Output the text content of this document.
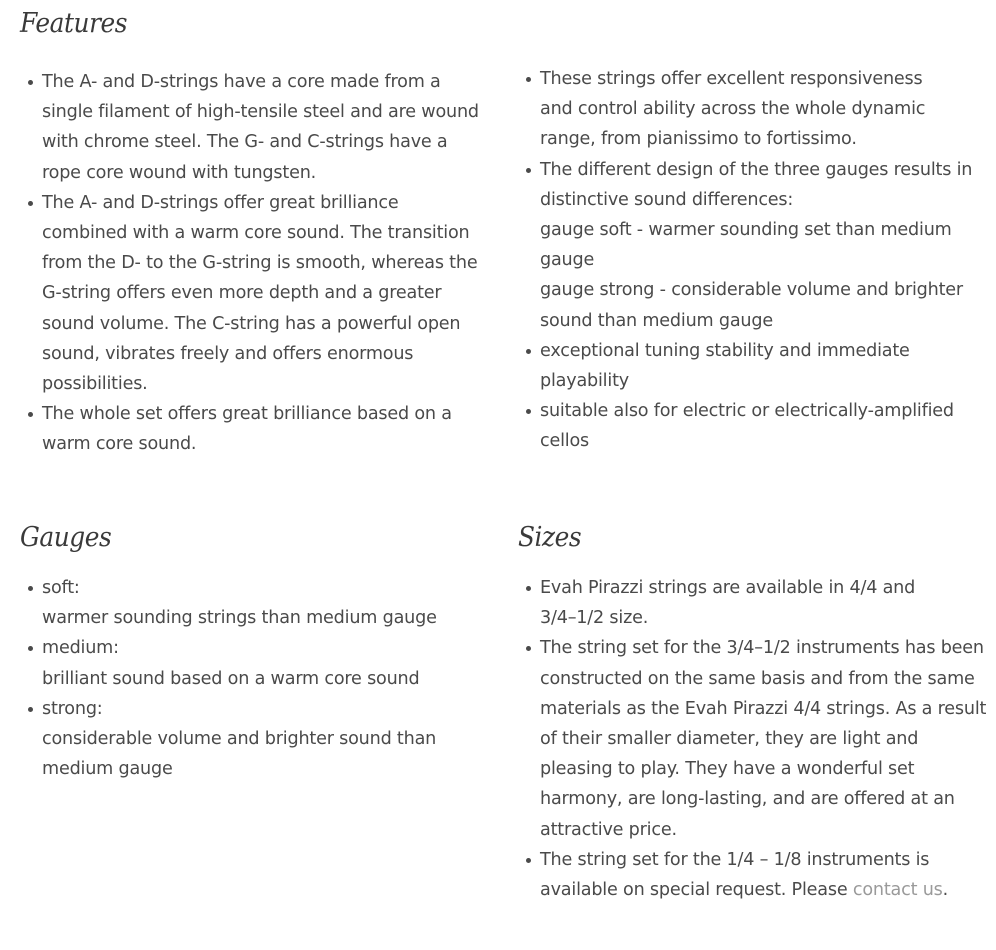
Features
The A- and D-strings have a core made from a single filament of high-tensile steel and are wound with chrome steel. The G- and C-strings have a rope core wound with tungsten.
The A- and D-strings offer great brilliance combined with a warm core sound. The transition from the D- to the G-string is smooth, whereas the G-string offers even more depth and a greater sound volume. The C-string has a powerful open sound, vibrates freely and offers enormous possibilities.
The whole set offers great brilliance based on a warm core sound.
These strings offer excellent responsiveness and control ability across the whole dynamic range, from pianissimo to fortissimo.
The different design of the three gauges results in distinctive sound differences:
gauge soft - warmer sounding set than medium gauge
gauge strong - considerable volume and brighter sound than medium gauge
exceptional tuning stability and immediate playability
suitable also for electric or electrically-amplified cellos
Gauges
soft:
warmer sounding strings than medium gauge
medium:
brilliant sound based on a warm core sound
strong:
considerable volume and brighter sound than medium gauge
Sizes
Evah Pirazzi strings are available in 4/4 and 3/4–1/2 size.
The string set for the 3/4–1/2 instruments has been constructed on the same basis and from the same materials as the Evah Pirazzi 4/4 strings. As a result of their smaller diameter, they are light and pleasing to play. They have a wonderful set harmony, are long-lasting, and are offered at an attractive price.
The string set for the 1/4 – 1/8 instruments is available on special request. Please contact us.
